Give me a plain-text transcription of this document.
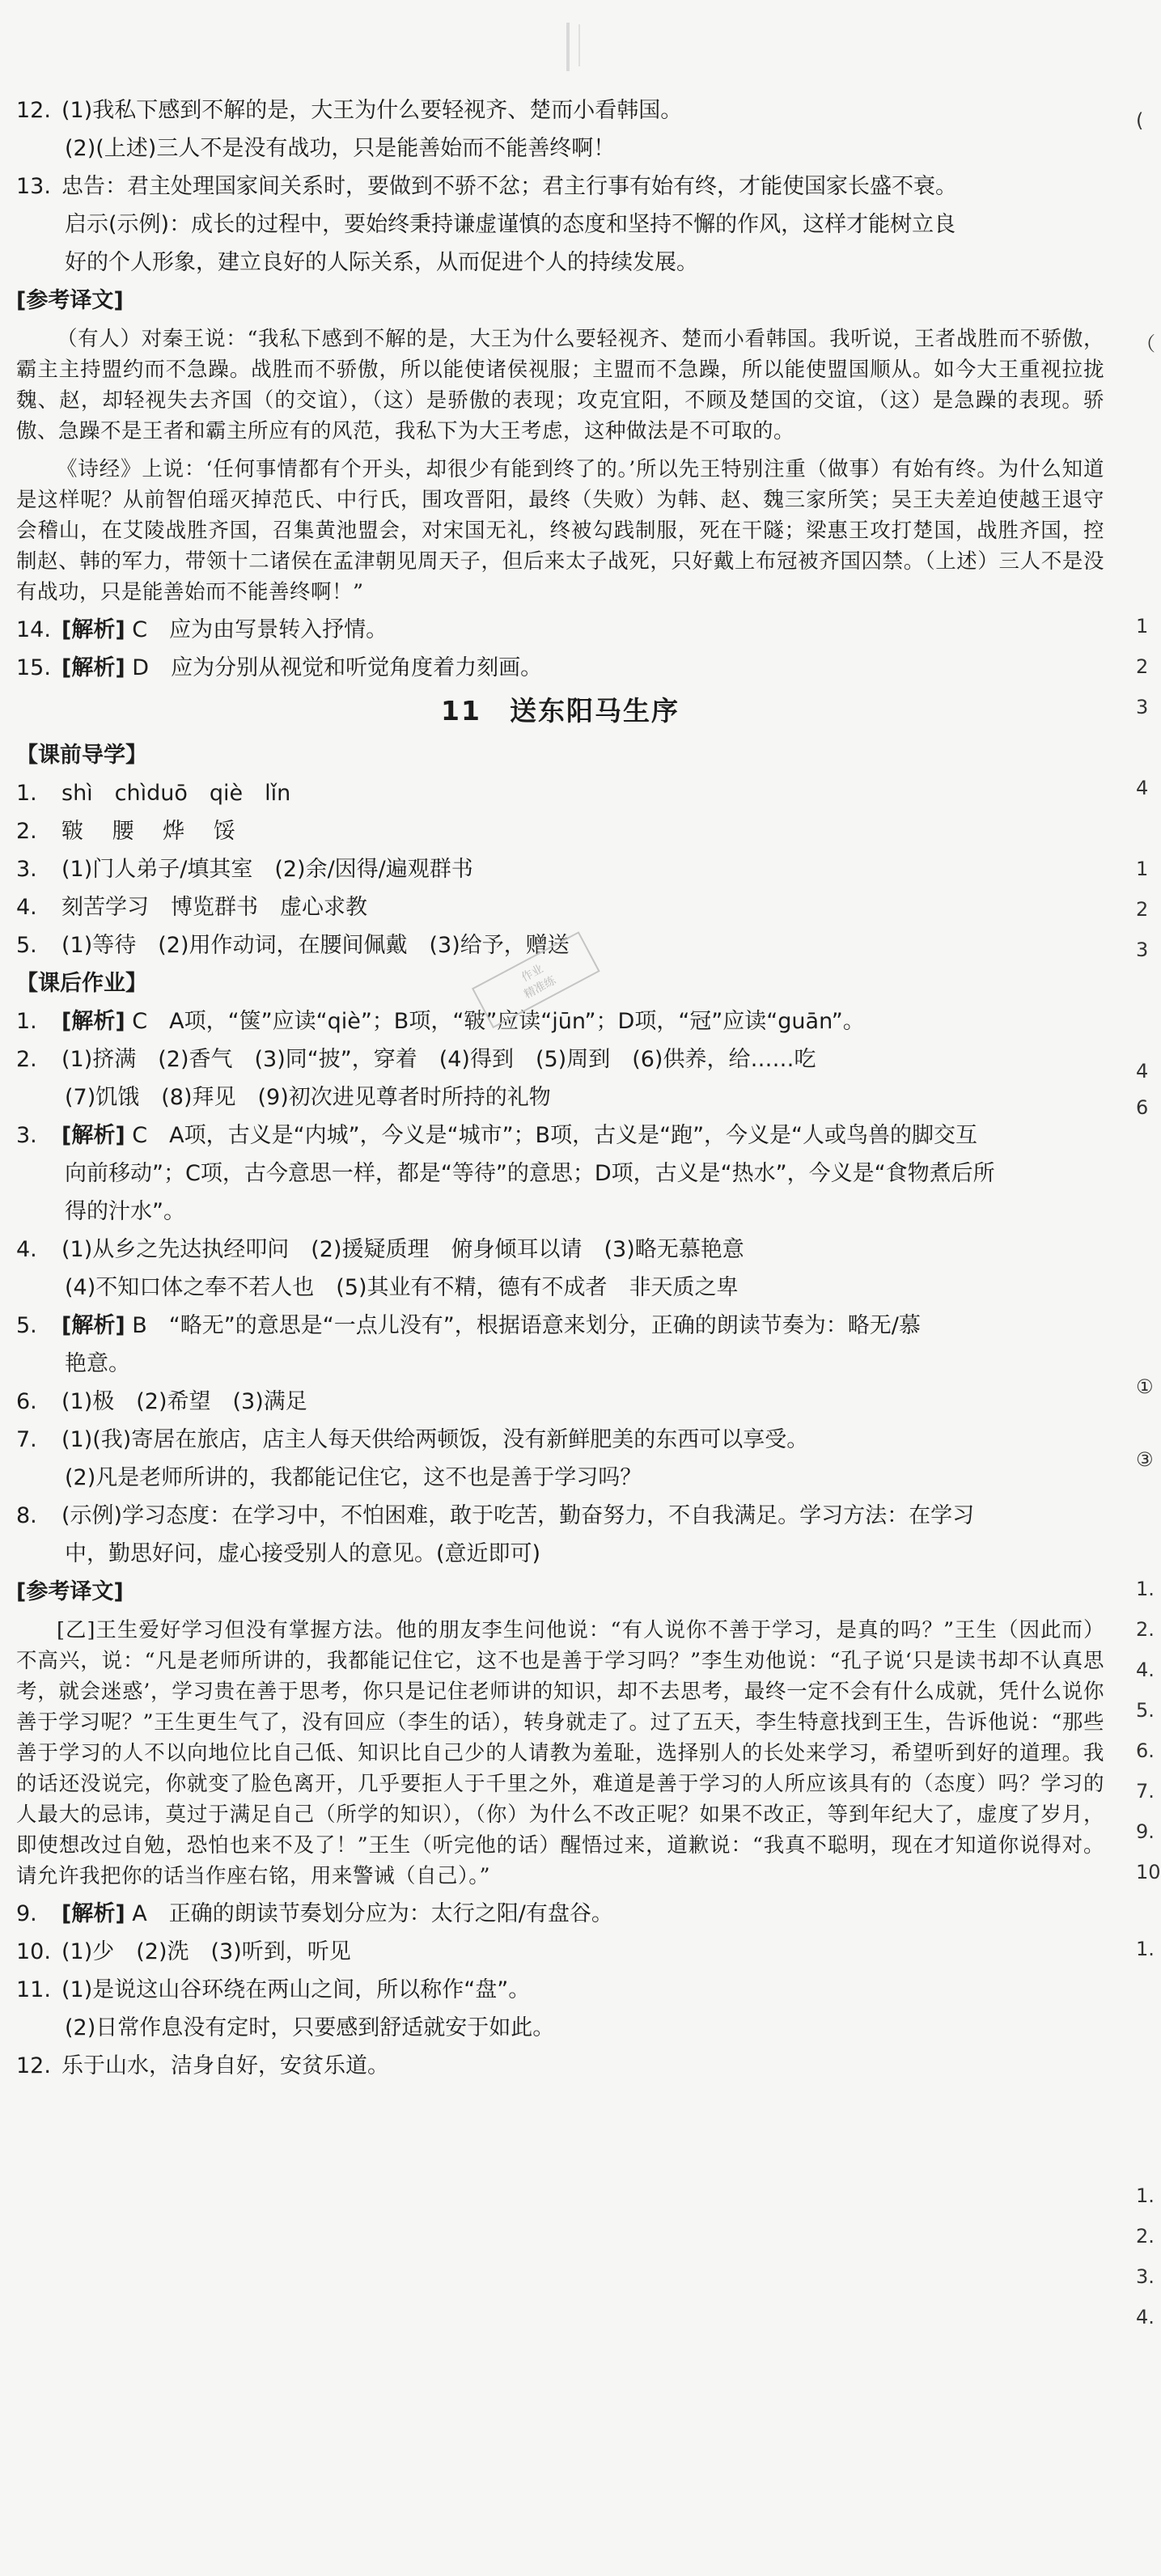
12. (1)我私下感到不解的是，大王为什么要轻视齐、楚而小看韩国。
(2)(上述)三人不是没有战功，只是能善始而不能善终啊！
13. 忠告：君主处理国家间关系时，要做到不骄不忿；君主行事有始有终，才能使国家长盛不衰。
启示(示例)：成长的过程中，要始终秉持谦虚谨慎的态度和坚持不懈的作风，这样才能树立良
好的个人形象，建立良好的人际关系，从而促进个人的持续发展。
[参考译文]
（有人）对秦王说：“我私下感到不解的是，大王为什么要轻视齐、楚而小看韩国。我听说，王者战胜而不骄傲，霸主主持盟约而不急躁。战胜而不骄傲，所以能使诸侯视服；主盟而不急躁，所以能使盟国顺从。如今大王重视拉拢魏、赵，却轻视失去齐国（的交谊），（这）是骄傲的表现；攻克宜阳，不顾及楚国的交谊，（这）是急躁的表现。骄傲、急躁不是王者和霸主所应有的风范，我私下为大王考虑，这种做法是不可取的。
《诗经》上说：‘任何事情都有个开头，却很少有能到终了的。’所以先王特别注重（做事）有始有终。为什么知道是这样呢？从前智伯瑶灭掉范氏、中行氏，围攻晋阳，最终（失败）为韩、赵、魏三家所笑；吴王夫差迫使越王退守会稽山，在艾陵战胜齐国，召集黄池盟会，对宋国无礼，终被勾践制服，死在干隧；梁惠王攻打楚国，战胜齐国，控制赵、韩的军力，带领十二诸侯在孟津朝见周天子，但后来太子战死，只好戴上布冠被齐国囚禁。（上述）三人不是没有战功，只是能善始而不能善终啊！”
14. [解析] C　应为由写景转入抒情。
15. [解析] D　应为分别从视觉和听觉角度着力刻画。
11　 送东阳马生序
【课前导学】
1. shì　chìduō　qiè　lǐn
2. 皲　 腰　 烨　 馁
3. (1)门人弟子/填其室　(2)余/因得/遍观群书
4. 刻苦学习　博览群书　虚心求教
5. (1)等待　(2)用作动词，在腰间佩戴　(3)给予，赠送
【课后作业】
1. [解析] C　A项，“箧”应读“qiè”；B项，“皲”应读“jūn”；D项，“冠”应读“guān”。
2. (1)挤满　(2)香气　(3)同“披”，穿着　(4)得到　(5)周到　(6)供养，给……吃
(7)饥饿　(8)拜见　(9)初次进见尊者时所持的礼物
3. [解析] C　A项，古义是“内城”，今义是“城市”；B项，古义是“跑”，今义是“人或鸟兽的脚交互
向前移动”；C项，古今意思一样，都是“等待”的意思；D项，古义是“热水”，今义是“食物煮后所
得的汁水”。
4. (1)从乡之先达执经叩问　(2)援疑质理　俯身倾耳以请　(3)略无慕艳意
(4)不知口体之奉不若人也　(5)其业有不精，德有不成者　非天质之卑
5. [解析] B　“略无”的意思是“一点儿没有”，根据语意来划分，正确的朗读节奏为：略无/慕
艳意。
6. (1)极　(2)希望　(3)满足
7. (1)(我)寄居在旅店，店主人每天供给两顿饭，没有新鲜肥美的东西可以享受。
(2)凡是老师所讲的，我都能记住它，这不也是善于学习吗？
8. (示例)学习态度：在学习中，不怕困难，敢于吃苦，勤奋努力，不自我满足。学习方法：在学习
中，勤思好问，虚心接受别人的意见。(意近即可)
[参考译文]
[乙]王生爱好学习但没有掌握方法。他的朋友李生问他说：“有人说你不善于学习，是真的吗？”王生（因此而）不高兴，说：“凡是老师所讲的，我都能记住它，这不也是善于学习吗？”李生劝他说：“孔子说‘只是读书却不认真思考，就会迷惑’，学习贵在善于思考，你只是记住老师讲的知识，却不去思考，最终一定不会有什么成就，凭什么说你善于学习呢？”王生更生气了，没有回应（李生的话），转身就走了。过了五天，李生特意找到王生，告诉他说：“那些善于学习的人不以向地位比自己低、知识比自己少的人请教为羞耻，选择别人的长处来学习，希望听到好的道理。我的话还没说完，你就变了脸色离开，几乎要拒人于千里之外，难道是善于学习的人所应该具有的（态度）吗？学习的人最大的忌讳，莫过于满足自己（所学的知识），（你）为什么不改正呢？如果不改正，等到年纪大了，虚度了岁月，即使想改过自勉，恐怕也来不及了！”王生（听完他的话）醒悟过来，道歉说：“我真不聪明，现在才知道你说得对。请允许我把你的话当作座右铭，用来警诫（自己）。”
9. [解析] A　正确的朗读节奏划分应为：太行之阳/有盘谷。
10. (1)少　(2)洗　(3)听到，听见
11. (1)是说这山谷环绕在两山之间，所以称作“盘”。
(2)日常作息没有定时，只要感到舒适就安于如此。
12. 乐于山水，洁身自好，安贫乐道。
作业
精准练
(
（
1
2
3
4
1
2
3
4
6
①
③
1.
2.
4.
5.
6.
7.
9.
10
1.
1.
2.
3.
4.
